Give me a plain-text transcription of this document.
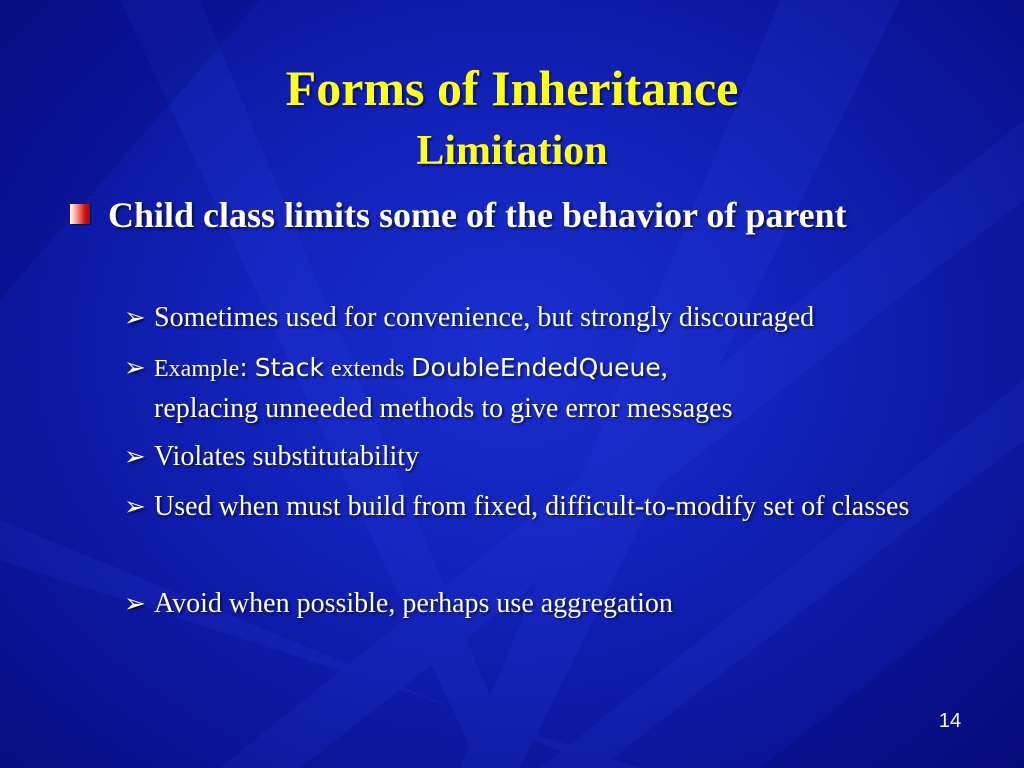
Forms of Inheritance
Limitation
Child class limits some of the behavior of parent
➢ Sometimes used for convenience, but strongly discouraged
➢ Example: Stack extends DoubleEndedQueue,
replacing unneeded methods to give error messages
➢ Violates substitutability
➢ Used when must build from fixed, difficult-to-modify set of classes
➢ Avoid when possible, perhaps use aggregation
14
